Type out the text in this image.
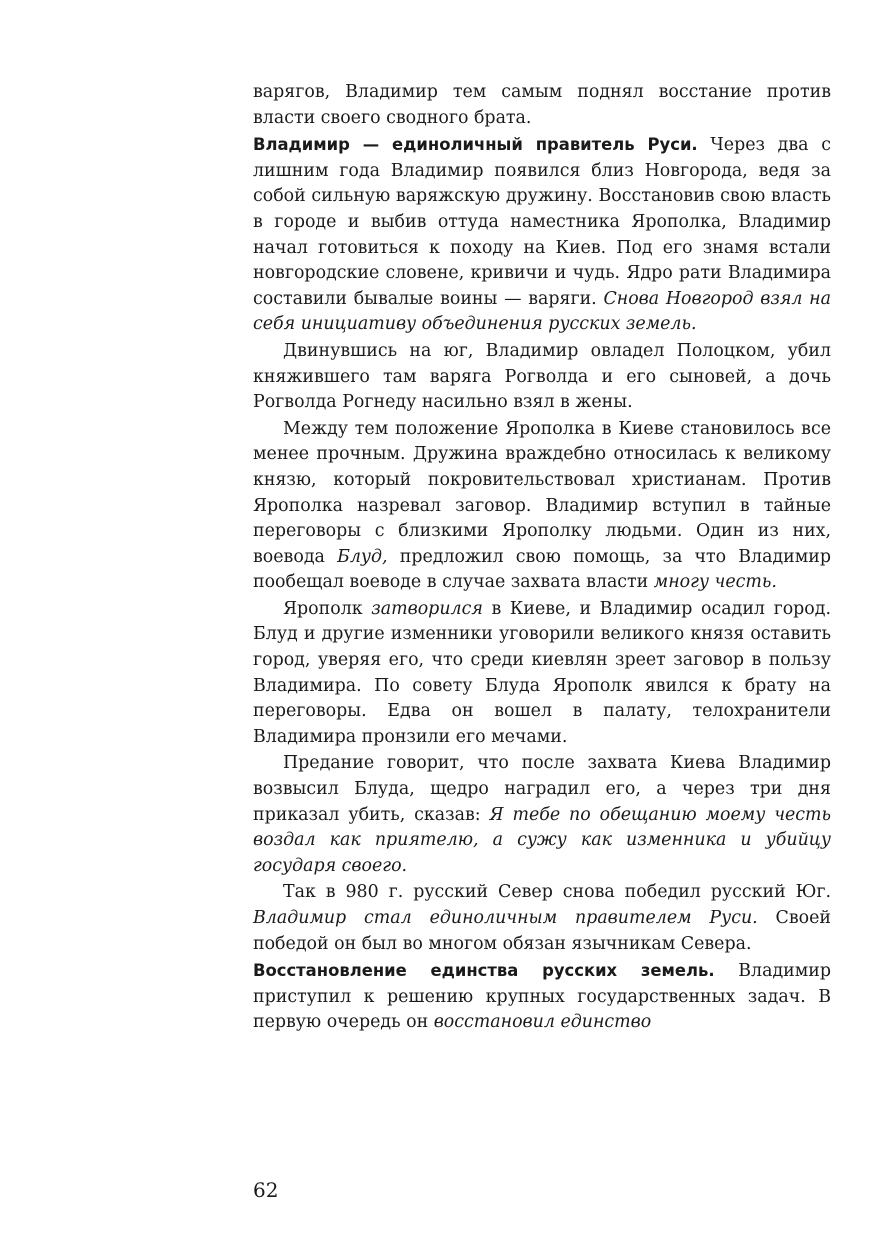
варягов, Владимир тем самым поднял восстание против власти своего сводного брата.

Владимир — единоличный правитель Руси. Через два с лишним года Владимир появился близ Новгорода, ведя за собой сильную варяжскую дружину. Восстановив свою власть в городе и выбив оттуда наместника Ярополка, Владимир начал готовиться к походу на Киев. Под его знамя встали новгородские словене, кривичи и чудь. Ядро рати Владимира составили бывалые воины — варяги. Снова Новгород взял на себя инициативу объединения русских земель.

Двинувшись на юг, Владимир овладел Полоцком, убил княжившего там варяга Рогволда и его сыновей, а дочь Рогволда Рогнеду насильно взял в жены.

Между тем положение Ярополка в Киеве становилось все менее прочным. Дружина враждебно относилась к великому князю, который покровительствовал христианам. Против Ярополка назревал заговор. Владимир вступил в тайные переговоры с близкими Ярополку людьми. Один из них, воевода Блуд, предложил свою помощь, за что Владимир пообещал воеводе в случае захвата власти многу честь.

Ярополк затворился в Киеве, и Владимир осадил город. Блуд и другие изменники уговорили великого князя оставить город, уверяя его, что среди киевлян зреет заговор в пользу Владимира. По совету Блуда Ярополк явился к брату на переговоры. Едва он вошел в палату, телохранители Владимира пронзили его мечами.

Предание говорит, что после захвата Киева Владимир возвысил Блуда, щедро наградил его, а через три дня приказал убить, сказав: Я тебе по обещанию моему честь воздал как приятелю, а сужу как изменника и убийцу государя своего.

Так в 980 г. русский Север снова победил русский Юг. Владимир стал единоличным правителем Руси. Своей победой он был во многом обязан язычникам Севера.

Восстановление единства русских земель. Владимир приступил к решению крупных государственных задач. В первую очередь он восстановил единство

62
